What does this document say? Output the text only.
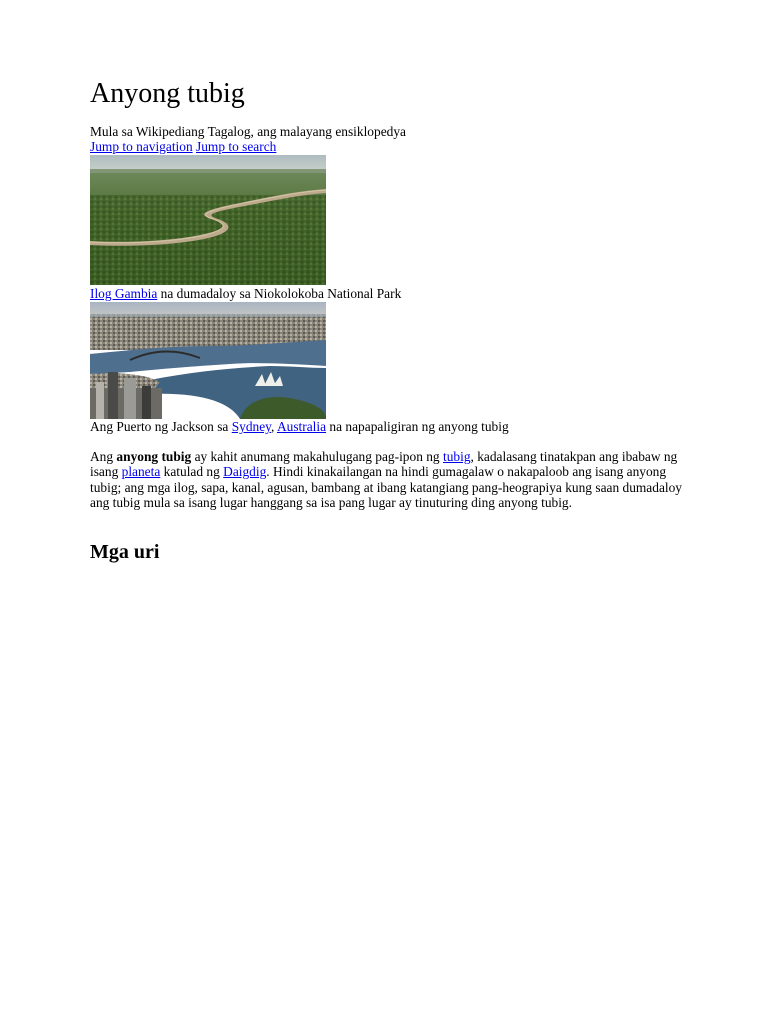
Anyong tubig
Mula sa Wikipediang Tagalog, ang malayang ensiklopedya
Jump to navigation Jump to search
Ilog Gambia na dumadaloy sa Niokolokoba National Park
Ang Puerto ng Jackson sa Sydney, Australia na napapaligiran ng anyong tubig
Ang anyong tubig ay kahit anumang makahulugang pag-ipon ng tubig, kadalasang tinatakpan ang ibabaw ng isang planeta katulad ng Daigdig. Hindi kinakailangan na hindi gumagalaw o nakapaloob ang isang anyong tubig; ang mga ilog, sapa, kanal, agusan, bambang at ibang katangiang pang-heograpiya kung saan dumadaloy ang tubig mula sa isang lugar hanggang sa isa pang lugar ay tinuturing ding anyong tubig.
Mga uri
